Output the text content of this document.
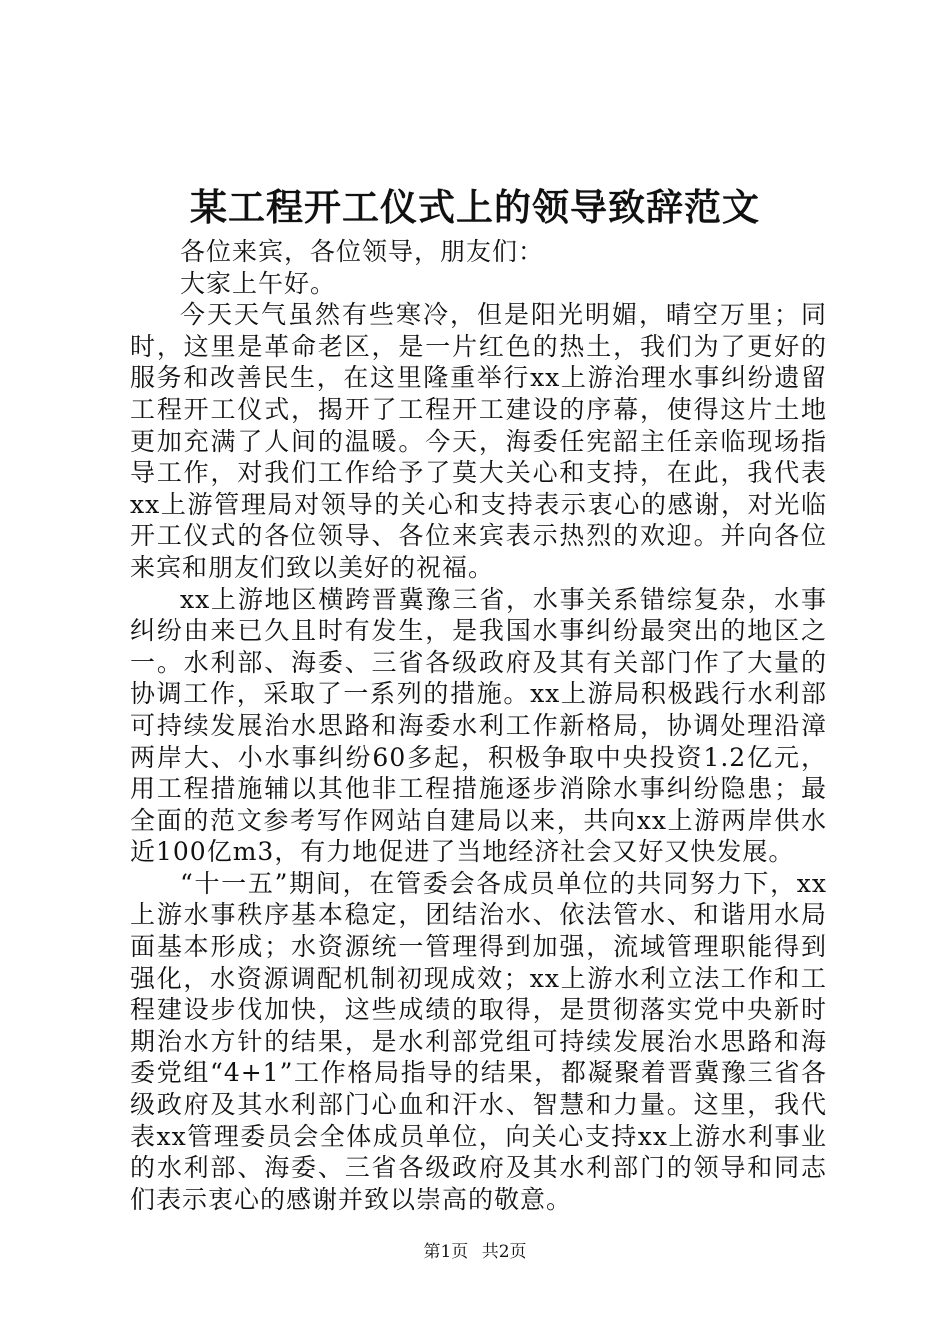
某工程开工仪式上的领导致辞范文

各位来宾，各位领导，朋友们：

大家上午好。

今天天气虽然有些寒冷，但是阳光明媚，晴空万里；同时，这里是革命老区，是一片红色的热土，我们为了更好的服务和改善民生，在这里隆重举行xx上游治理水事纠纷遗留工程开工仪式，揭开了工程开工建设的序幕，使得这片土地更加充满了人间的温暖。今天，海委任宪韶主任亲临现场指导工作，对我们工作给予了莫大关心和支持，在此，我代表xx上游管理局对领导的关心和支持表示衷心的感谢，对光临开工仪式的各位领导、各位来宾表示热烈的欢迎。并向各位来宾和朋友们致以美好的祝福。

xx上游地区横跨晋冀豫三省，水事关系错综复杂，水事纠纷由来已久且时有发生，是我国水事纠纷最突出的地区之一。水利部、海委、三省各级政府及其有关部门作了大量的协调工作，采取了一系列的措施。xx上游局积极践行水利部可持续发展治水思路和海委水利工作新格局，协调处理沿漳两岸大、小水事纠纷60多起，积极争取中央投资1.2亿元，用工程措施辅以其他非工程措施逐步消除水事纠纷隐患；最全面的范文参考写作网站自建局以来，共向xx上游两岸供水近100亿m3，有力地促进了当地经济社会又好又快发展。

“十一五”期间，在管委会各成员单位的共同努力下，xx上游水事秩序基本稳定，团结治水、依法管水、和谐用水局面基本形成；水资源统一管理得到加强，流域管理职能得到强化，水资源调配机制初现成效；xx上游水利立法工作和工程建设步伐加快，这些成绩的取得，是贯彻落实党中央新时期治水方针的结果，是水利部党组可持续发展治水思路和海委党组“4+1”工作格局指导的结果，都凝聚着晋冀豫三省各级政府及其水利部门心血和汗水、智慧和力量。这里，我代表xx管理委员会全体成员单位，向关心支持xx上游水利事业的水利部、海委、三省各级政府及其水利部门的领导和同志们表示衷心的感谢并致以崇高的敬意。

第1页 共2页
